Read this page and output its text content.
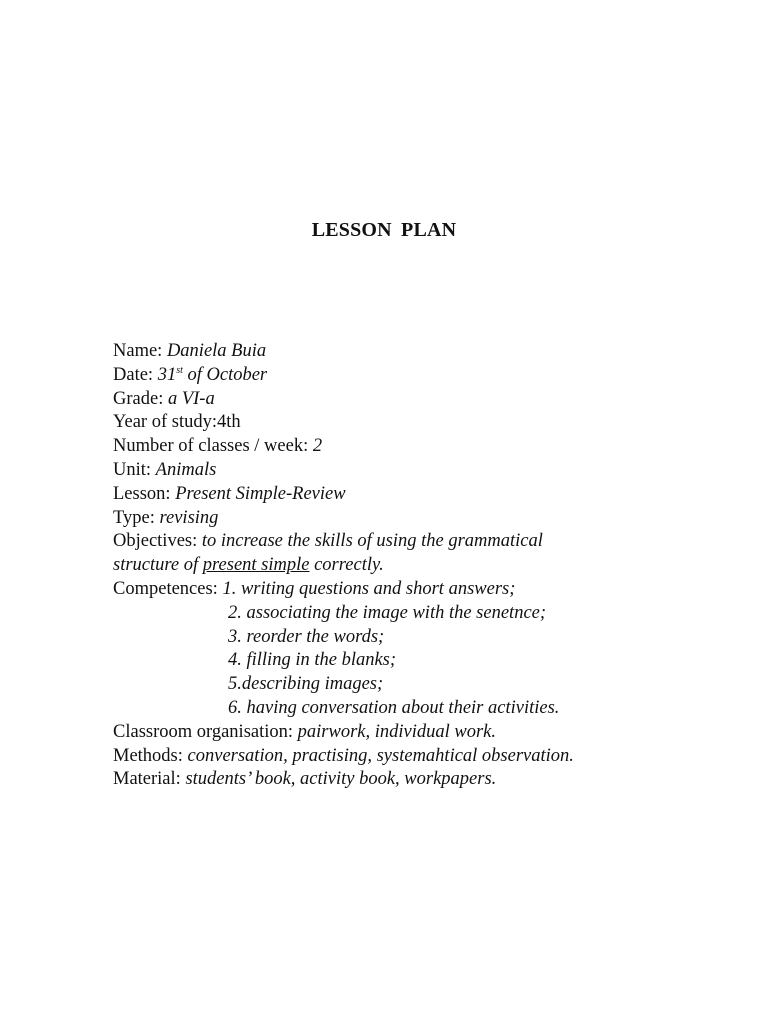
LESSON PLAN
Name: Daniela Buia
Date: 31st of October
Grade: a VI-a
Year of study:4th
Number of classes / week: 2
Unit: Animals
Lesson: Present Simple-Review
Type: revising
Objectives: to increase the skills of using the grammatical
structure of present simple correctly.
Competences: 1. writing questions and short answers;
2. associating the image with the senetnce;
3. reorder the words;
4. filling in the blanks;
5.describing images;
6. having conversation about their activities.
Classroom organisation: pairwork, individual work.
Methods: conversation, practising, systemahtical observation.
Material: students’ book, activity book, workpapers.
